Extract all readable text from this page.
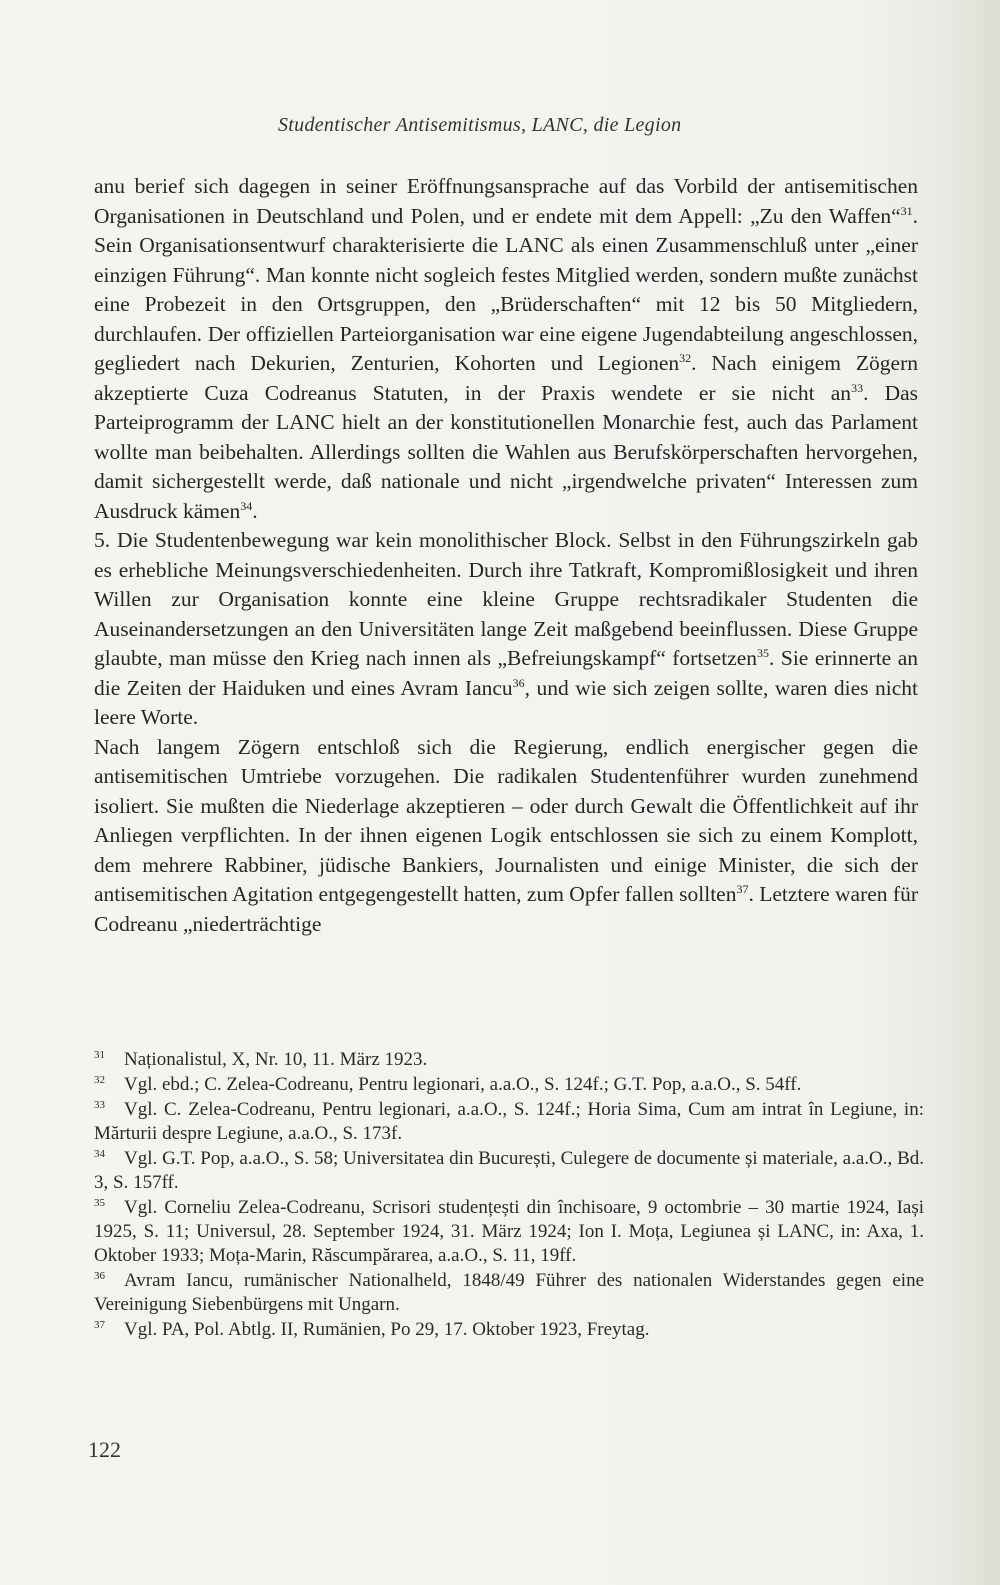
Studentischer Antisemitismus, LANC, die Legion

anu berief sich dagegen in seiner Eröffnungsansprache auf das Vorbild der antisemitischen Organisationen in Deutschland und Polen, und er endete mit dem Appell: „Zu den Waffen“$^{31}$. Sein Organisationsentwurf charakterisierte die LANC als einen Zusammenschluß unter „einer einzigen Führung“. Man konnte nicht sogleich festes Mitglied werden, sondern mußte zunächst eine Probezeit in den Ortsgruppen, den „Brüderschaften“ mit 12 bis 50 Mitgliedern, durchlaufen. Der offiziellen Parteiorganisation war eine eigene Jugendabteilung angeschlossen, gegliedert nach Dekurien, Zenturien, Kohorten und Legionen$^{32}$. Nach einigem Zögern akzeptierte Cuza Codreanus Statuten, in der Praxis wendete er sie nicht $an^{33}$. Das Parteiprogramm der LANC hielt an der konstitutionellen Monarchie fest, auch das Parlament wollte man beibehalten. Allerdings sollten die Wahlen aus Berufskörperschaften hervorgehen, damit sichergestellt werde, daß nationale und nicht „irgendwelche privaten“ Interessen zum Ausdruck kämen$^{34}$.

5. Die Studentenbewegung war kein monolithischer Block. Selbst in den Führungszirkeln gab es erhebliche Meinungsverschiedenheiten. Durch ihre Tatkraft, Kompromißlosigkeit und ihren Willen zur Organisation konnte eine kleine Gruppe rechtsradikaler Studenten die Auseinandersetzungen an den Universitäten lange Zeit maßgebend beeinflussen. Diese Gruppe glaubte, man müsse den Krieg nach innen als „Befreiungskampf“ fortsetzen$^{35}$. Sie erinnerte an die Zeiten der Haiduken und eines Avram Iancu$^{36}$, und wie sich zeigen sollte, waren dies nicht leere Worte.

Nach langem Zögern entschloß sich die Regierung, endlich energischer gegen die antisemitischen Umtriebe vorzugehen. Die radikalen Studentenführer wurden zunehmend isoliert. Sie mußten die Niederlage akzeptieren – oder durch Gewalt die Öffentlichkeit auf ihr Anliegen verpflichten. In der ihnen eigenen Logik entschlossen sie sich zu einem Komplott, dem mehrere Rabbiner, jüdische Bankiers, Journalisten und einige Minister, die sich der antisemitischen Agitation entgegengestellt hatten, zum Opfer fallen sollten$^{37}$. Letztere waren für Codreanu „niederträchtige

31 Naționalistul, X, Nr. 10, 11. März 1923.

32 Vgl. ebd.; C. Zelea-Codreanu, Pentru legionari, a.a.O., S. 124f.; G.T. Pop, a.a.O., S. 54ff.

33 Vgl. C. Zelea-Codreanu, Pentru legionari, a.a.O., S. 124f.; Horia Sima, Cum am intrat în Legiune, in: Mărturii despre Legiune, a.a.O., S. 173f.

34 Vgl. G.T. Pop, a.a.O., S. 58; Universitatea din București, Culegere de documente și materiale, a.a.O., Bd. 3, S. 157ff.

35 Vgl. Corneliu Zelea-Codreanu, Scrisori studențești din închisoare, 9 octombrie – 30 martie 1924, Iași 1925, S. 11; Universul, 28. September 1924, 31. März 1924; Ion I. Moța, Legiunea și LANC, in: Axa, 1. Oktober 1933; Moța-Marin, Răscumpărarea, a.a.O., S. 11, 19ff.

36 Avram Iancu, rumänischer Nationalheld, 1848/49 Führer des nationalen Widerstandes gegen eine Vereinigung Siebenbürgens mit Ungarn.

37 Vgl. PA, Pol. Abtlg. II, Rumänien, Po 29, 17. Oktober 1923, Freytag.

122
